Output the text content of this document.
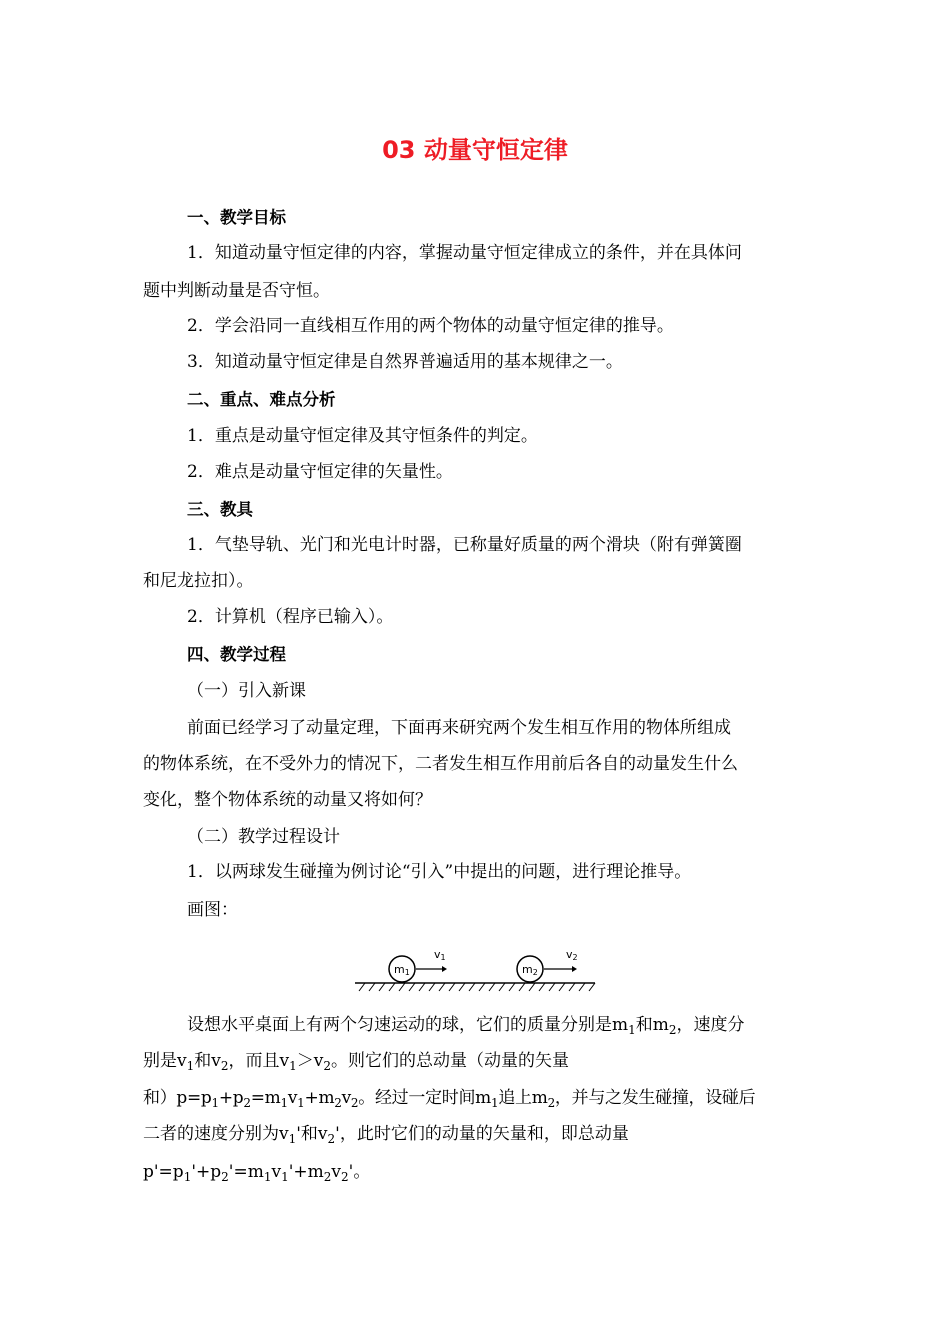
03 动量守恒定律
一、教学目标
1．知道动量守恒定律的内容，掌握动量守恒定律成立的条件，并在具体问
题中判断动量是否守恒。
2．学会沿同一直线相互作用的两个物体的动量守恒定律的推导。
3．知道动量守恒定律是自然界普遍适用的基本规律之一。
二、重点、难点分析
1．重点是动量守恒定律及其守恒条件的判定。
2．难点是动量守恒定律的矢量性。
三、教具
1．气垫导轨、光门和光电计时器，已称量好质量的两个滑块（附有弹簧圈
和尼龙拉扣）。
2．计算机（程序已输入）。
四、教学过程
（一）引入新课
前面已经学习了动量定理，下面再来研究两个发生相互作用的物体所组成
的物体系统，在不受外力的情况下，二者发生相互作用前后各自的动量发生什么
变化，整个物体系统的动量又将如何？
（二）教学过程设计
1．以两球发生碰撞为例讨论“引入”中提出的问题，进行理论推导。
画图：
m1
v1
m2
v2
设想水平桌面上有两个匀速运动的球，它们的质量分别是$m_1$和$m_2$，速度分
别是$v_1$和$v_2$，而且$v_1>v_2$。则它们的总动量（动量的矢量
和）$p=p_1+p_2=m_1v_1+m_2v_2$。经过一定时间$m_1$追上$m_2$，并与之发生碰撞，设碰后
二者的速度分别为$v_1'$和$v_2'$，此时它们的动量的矢量和，即总动量
$p'=p_1'+p_2'=m_1v_1'+m_2v_2'$。
